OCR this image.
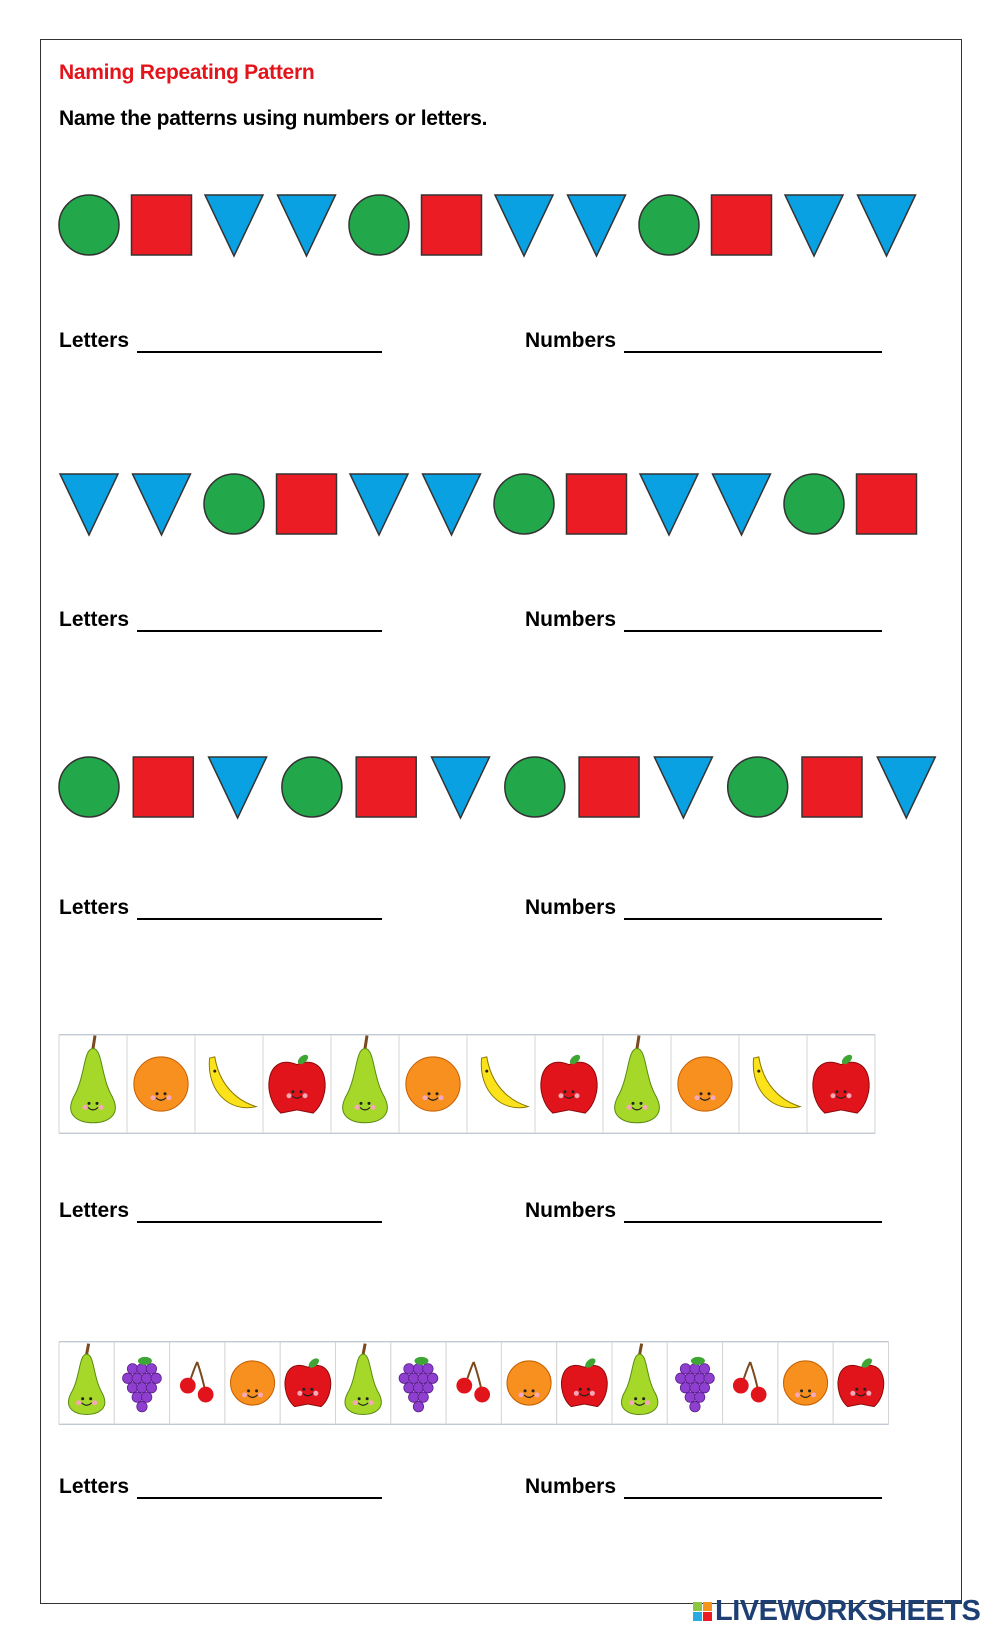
Naming Repeating Pattern
Name the patterns using numbers or letters.
Letters	Numbers
Letters	Numbers
Letters	Numbers
Letters	Numbers
Letters	Numbers
LIVEWORKSHEETS
